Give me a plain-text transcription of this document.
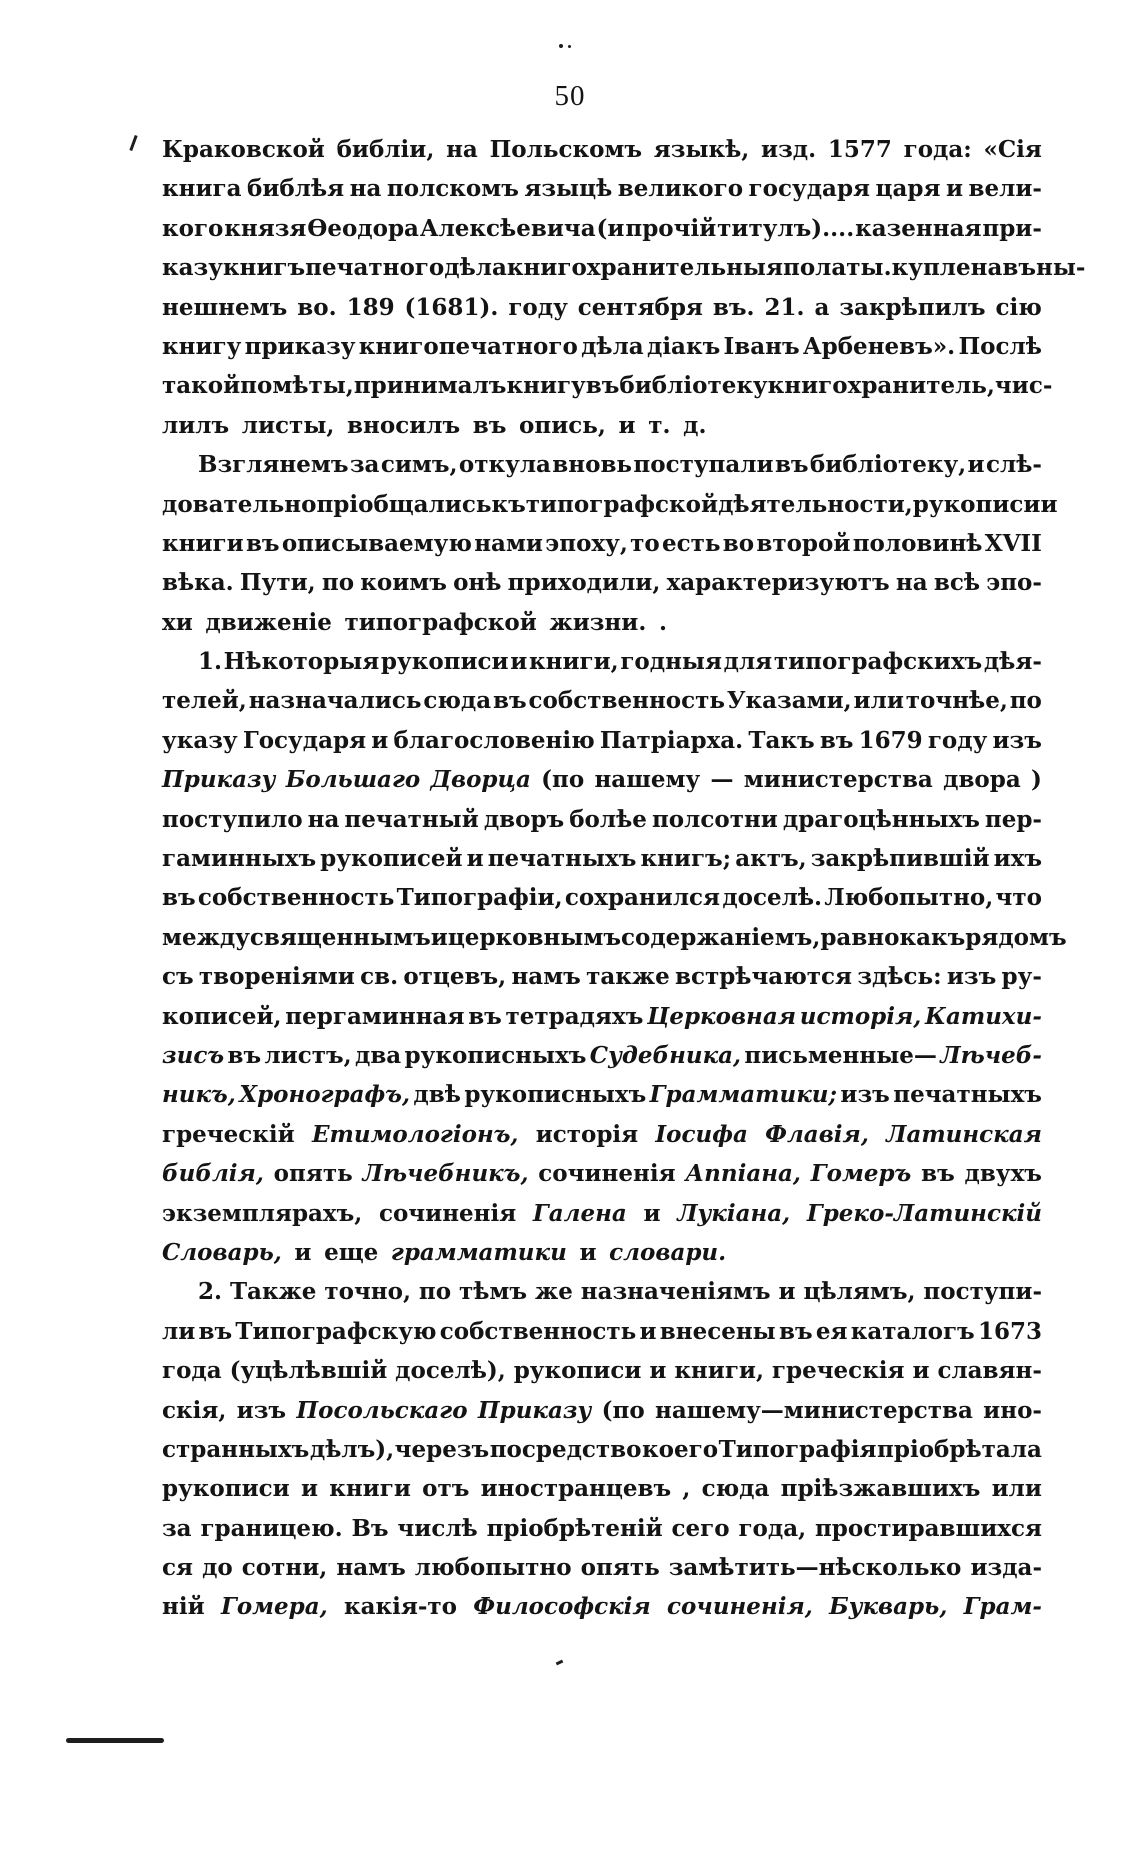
50
Краковской библіи, на Польскомъ языкѣ, изд. 1577 года: «Сія
книга библѣя на полскомъ языцѣ великого государя царя и вели-
кого князя Ѳеодора Алексѣевича (и прочій титулъ).... казенная при-
казу книгъпечатного дѣла книгохранительныя полаты. куплена въ ны-
нешнемъ во. 189 (1681). году сентября въ. 21. а закрѣпилъ сію
книгу приказу книгопечатного дѣла діакъ Іванъ Арбеневъ». Послѣ
такой помѣты, принималъ книгу въ библіотеку книгохранитель, чис-
лилъ листы, вносилъ въ опись, и т. д.
Взглянемъ за симъ, откула вновь поступали въ библіотеку, и слѣ-
довательно пріобщались къ типографской дѣятельности, рукописи и
книги въ описываемую нами эпоху, то есть во второй половинѣ XVII
вѣка. Пути, по коимъ онѣ приходили, характеризуютъ на всѣ эпо-
хи движеніе типографской жизни. .
1. Нѣкоторыя рукописи и книги, годныя для типографскихъ дѣя-
телей, назначались сюда въ собственность Указами, или точнѣе, по
указу Государя и благословенію Патріарха. Такъ въ 1679 году изъ
Приказу Большаго Дворца (по нашему — министерства двора )
поступило на печатный дворъ болѣе полсотни драгоцѣнныхъ пер-
гаминныхъ рукописей и печатныхъ книгъ; актъ, закрѣпившій ихъ
въ собственность Типографіи, сохранился доселѣ. Любопытно, что
между священнымъ и церковнымъ содержаніемъ, равно какъ рядомъ
съ твореніями св. отцевъ, намъ также встрѣчаются здѣсь: изъ ру-
кописей, пергаминная въ тетрадяхъ Церковная исторія, Катихи-
зисъ въ листъ, два рукописныхъ Судебника, письменные— Лѣчеб-
никъ, Хронографъ, двѣ рукописныхъ Грамматики; изъ печатныхъ
греческій Етимологіонъ, исторія Іосифа Флавія, Латинская
библія, опять Лѣчебникъ, сочиненія Аппіана, Гомеръ въ двухъ
экземплярахъ, сочиненія Галена и Лукіана, Греко-Латинскій
Словарь, и еще грамматики и словари.
2. Также точно, по тѣмъ же назначеніямъ и цѣлямъ, поступи-
ли въ Типографскую собственность и внесены въ ея каталогъ 1673
года (уцѣлѣвшій доселѣ), рукописи и книги, греческія и славян-
скія, изъ Посольскаго Приказу (по нашему—министерства ино-
странныхъ дѣлъ), черезъ посредство коего Типографія пріобрѣтала
рукописи и книги отъ иностранцевъ , сюда пріѣзжавшихъ или
за границею. Въ числѣ пріобрѣтеній сего года, простиравшихся
ся до сотни, намъ любопытно опять замѣтить—нѣсколько изда-
ній Гомера, какія-то Философскія сочиненія, Букварь, Грам-
